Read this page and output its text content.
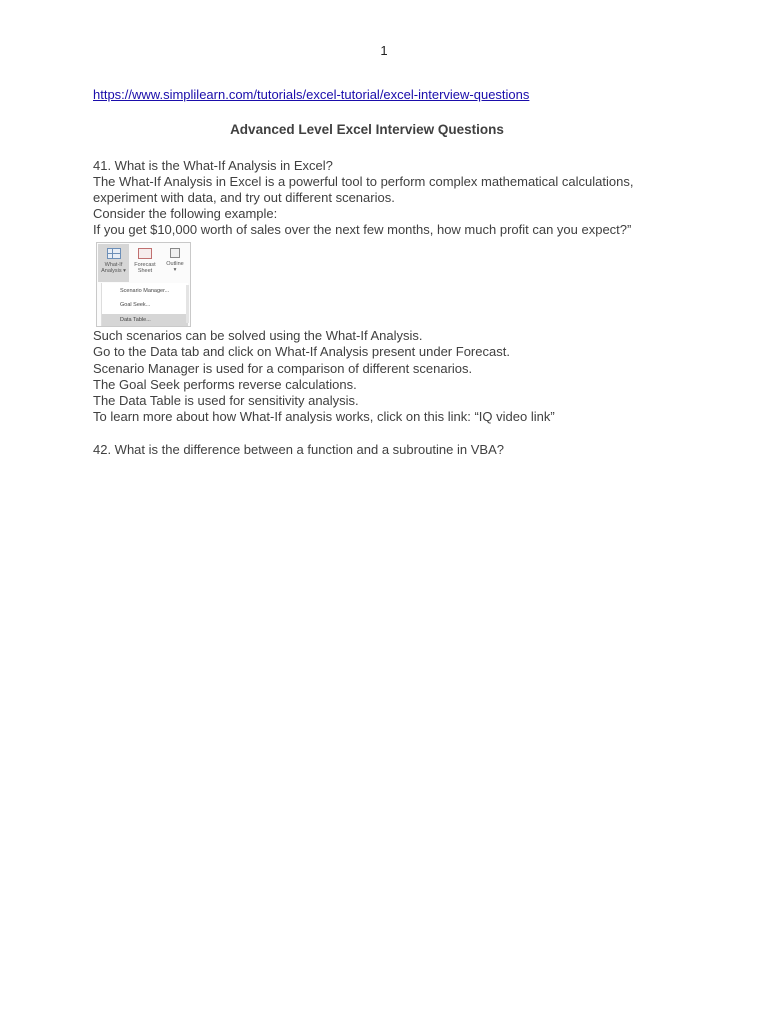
1
https://www.simplilearn.com/tutorials/excel-tutorial/excel-interview-questions
Advanced Level Excel Interview Questions
41. What is the What-If Analysis in Excel?
The What-If Analysis in Excel is a powerful tool to perform complex mathematical calculations,
experiment with data, and try out different scenarios.
Consider the following example:
If you get $10,000 worth of sales over the next few months, how much profit can you expect?”
What-If
Analysis ▾
Forecast
Sheet
Outline
▾
Scenario Manager...
Goal Seek...
Data Table...
Such scenarios can be solved using the What-If Analysis.
Go to the Data tab and click on What-If Analysis present under Forecast.
Scenario Manager is used for a comparison of different scenarios.
The Goal Seek performs reverse calculations.
The Data Table is used for sensitivity analysis.
To learn more about how What-If analysis works, click on this link: “IQ video link”
42. What is the difference between a function and a subroutine in VBA?
